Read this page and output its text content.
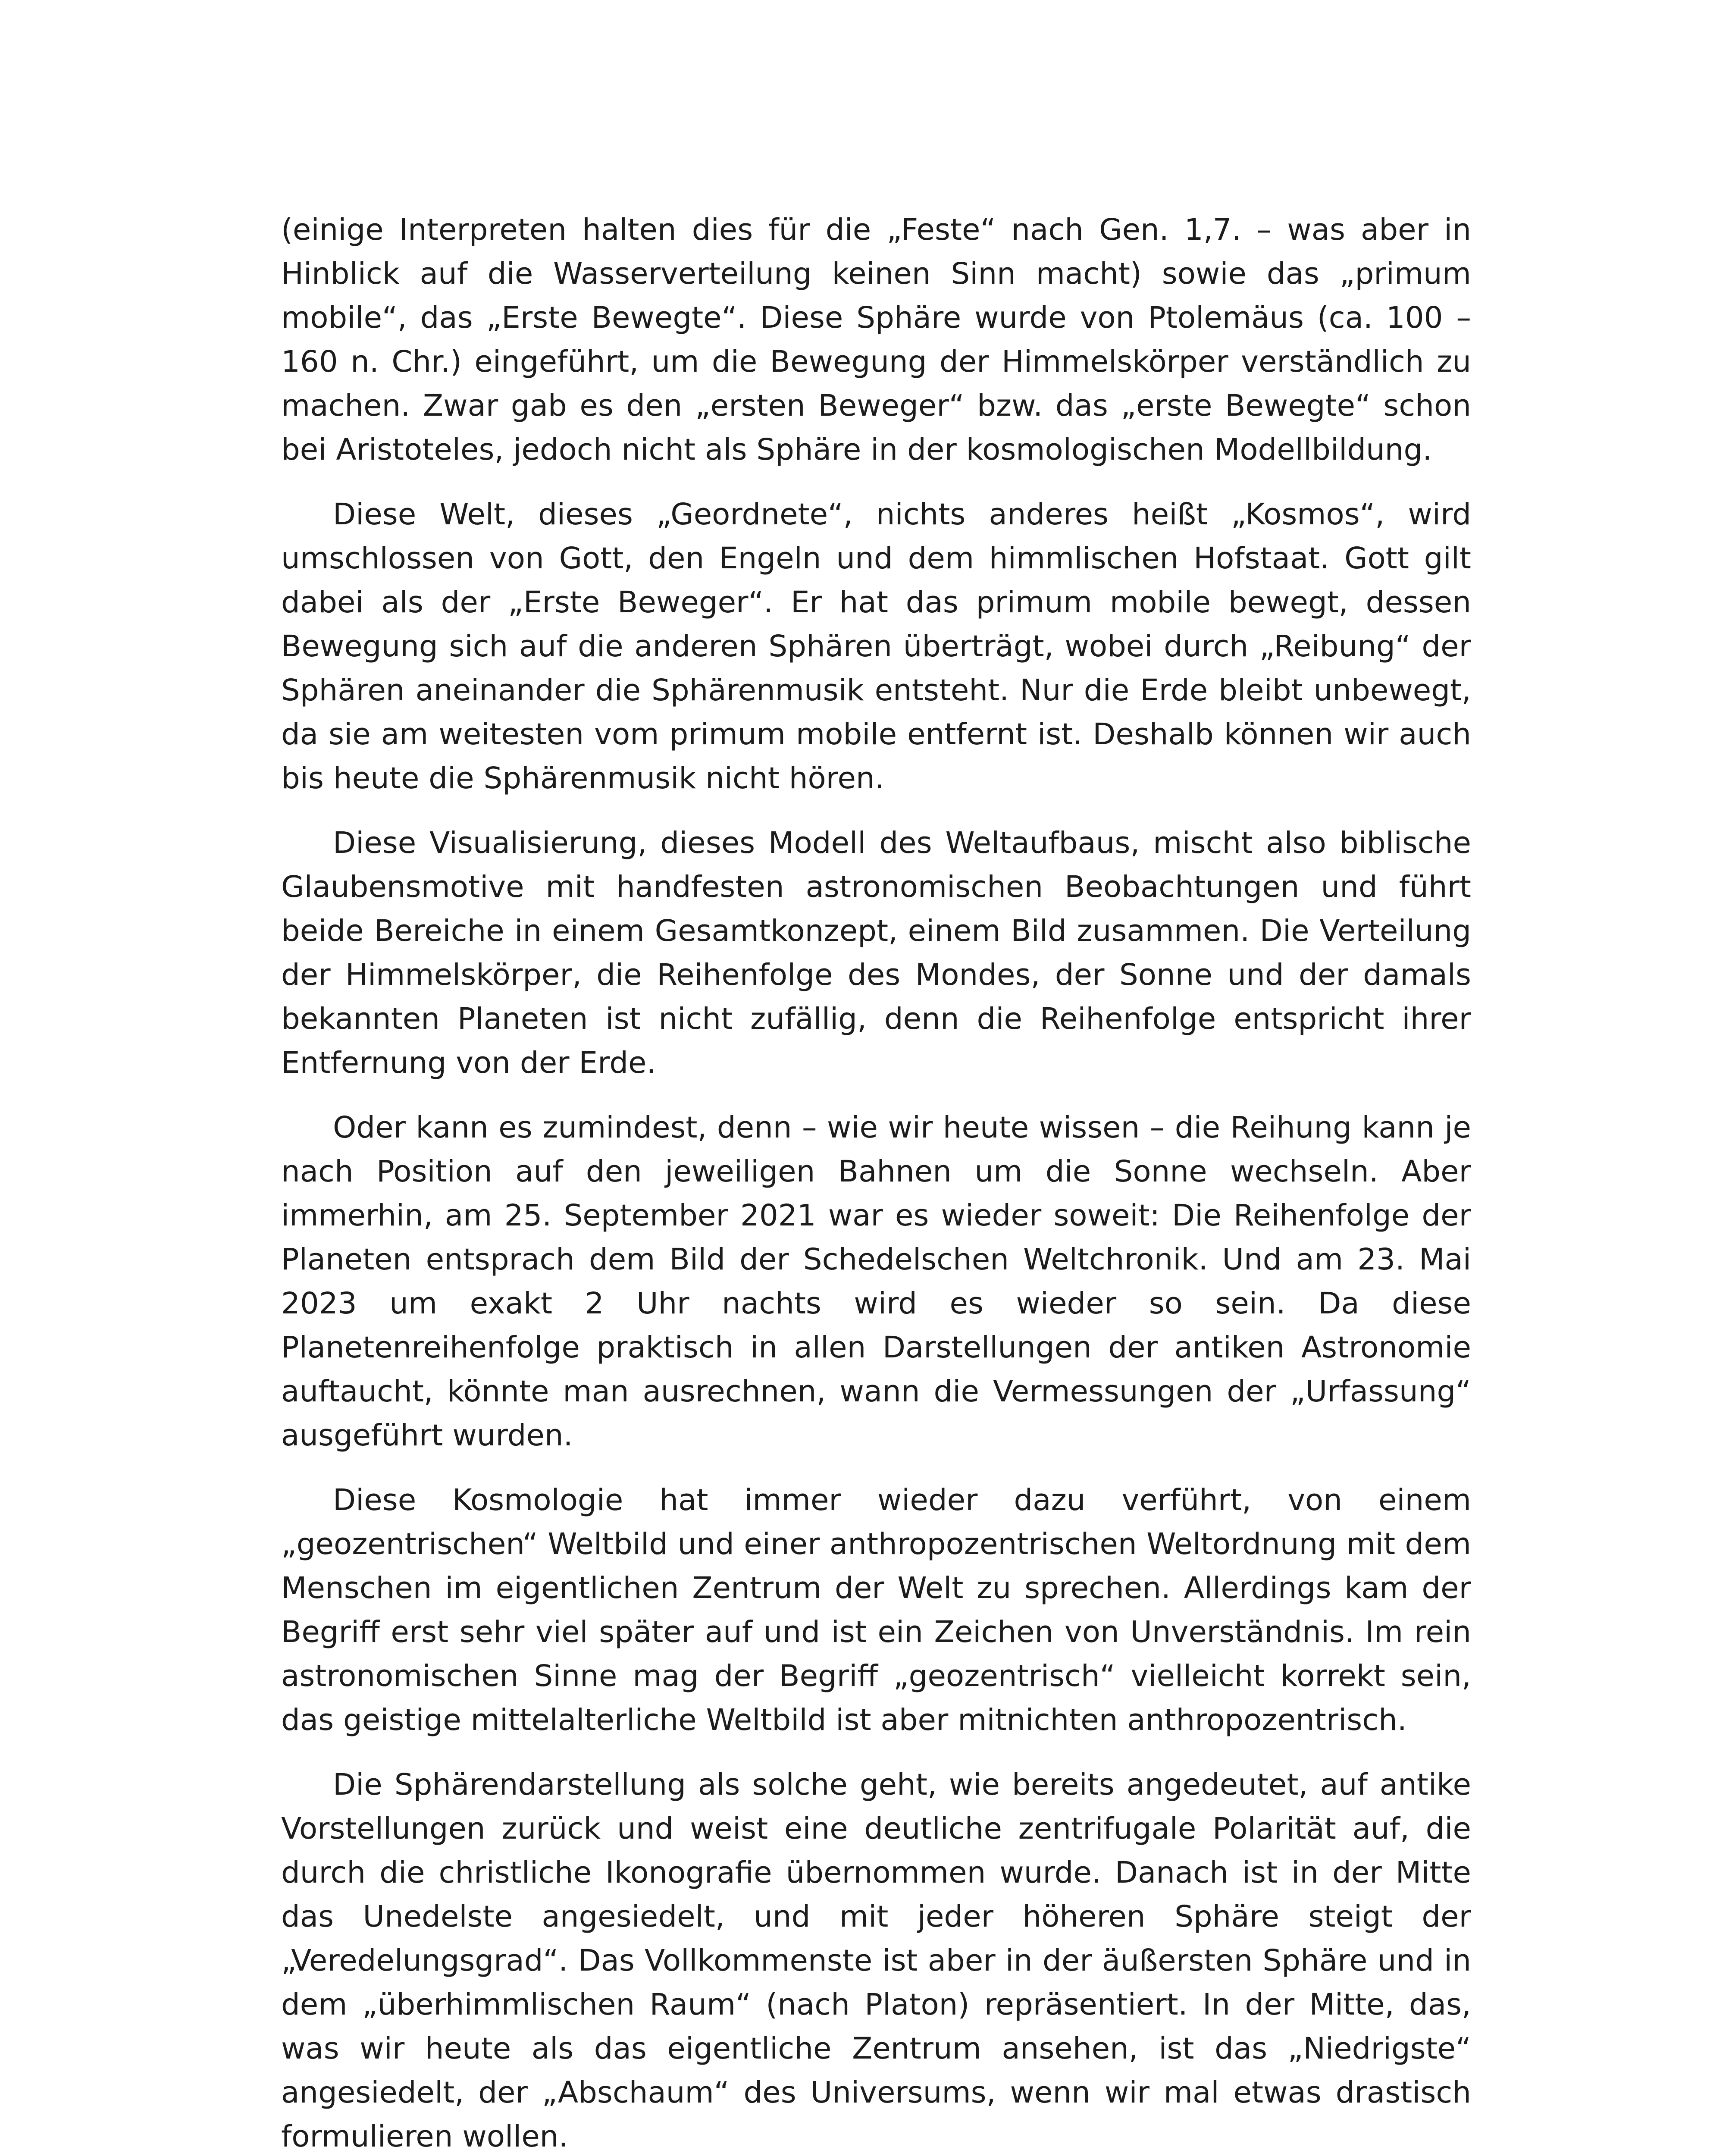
(einige Interpreten halten dies für die „Feste“ nach Gen. 1,7. – was aber in Hinblick auf die Wasserverteilung keinen Sinn macht) sowie das „primum mobile“, das „Erste Bewegte“. Diese Sphäre wurde von Ptolemäus (ca. 100 – 160 n. Chr.) eingeführt, um die Bewegung der Himmelskörper verständlich zu machen. Zwar gab es den „ersten Beweger“ bzw. das „erste Bewegte“ schon bei Aristoteles, jedoch nicht als Sphäre in der kosmologischen Modellbildung.

Diese Welt, dieses „Geordnete“, nichts anderes heißt „Kosmos“, wird umschlossen von Gott, den Engeln und dem himmlischen Hofstaat. Gott gilt dabei als der „Erste Beweger“. Er hat das primum mobile bewegt, dessen Bewegung sich auf die anderen Sphären überträgt, wobei durch „Reibung“ der Sphären aneinander die Sphärenmusik entsteht. Nur die Erde bleibt unbewegt, da sie am weitesten vom primum mobile entfernt ist. Deshalb können wir auch bis heute die Sphärenmusik nicht hören.

Diese Visualisierung, dieses Modell des Weltaufbaus, mischt also biblische Glaubensmotive mit handfesten astronomischen Beobachtungen und führt beide Bereiche in einem Gesamtkonzept, einem Bild zusammen. Die Verteilung der Himmelskörper, die Reihenfolge des Mondes, der Sonne und der damals bekannten Planeten ist nicht zufällig, denn die Reihenfolge entspricht ihrer Entfernung von der Erde.

Oder kann es zumindest, denn – wie wir heute wissen – die Reihung kann je nach Position auf den jeweiligen Bahnen um die Sonne wechseln. Aber immerhin, am 25. September 2021 war es wieder soweit: Die Reihenfolge der Planeten entsprach dem Bild der Schedelschen Weltchronik. Und am 23. Mai 2023 um exakt 2 Uhr nachts wird es wieder so sein. Da diese Planetenreihenfolge praktisch in allen Darstellungen der antiken Astronomie auftaucht, könnte man ausrechnen, wann die Vermessungen der „Urfassung“ ausgeführt wurden.

Diese Kosmologie hat immer wieder dazu verführt, von einem „geozentrischen“ Weltbild und einer anthropozentrischen Weltordnung mit dem Menschen im eigentlichen Zentrum der Welt zu sprechen. Allerdings kam der Begriff erst sehr viel später auf und ist ein Zeichen von Unverständnis. Im rein astronomischen Sinne mag der Begriff „geozentrisch“ vielleicht korrekt sein, das geistige mittelalterliche Weltbild ist aber mitnichten anthropozentrisch.

Die Sphärendarstellung als solche geht, wie bereits angedeutet, auf antike Vorstellungen zurück und weist eine deutliche zentrifugale Polarität auf, die durch die christliche Ikonografie übernommen wurde. Danach ist in der Mitte das Unedelste angesiedelt, und mit jeder höheren Sphäre steigt der „Veredelungsgrad“. Das Vollkommenste ist aber in der äußersten Sphäre und in dem „überhimmlischen Raum“ (nach Platon) repräsentiert. In der Mitte, das, was wir heute als das eigentliche Zentrum ansehen, ist das „Niedrigste“ angesiedelt, der „Abschaum“ des Universums, wenn wir mal etwas drastisch formulieren wollen.
